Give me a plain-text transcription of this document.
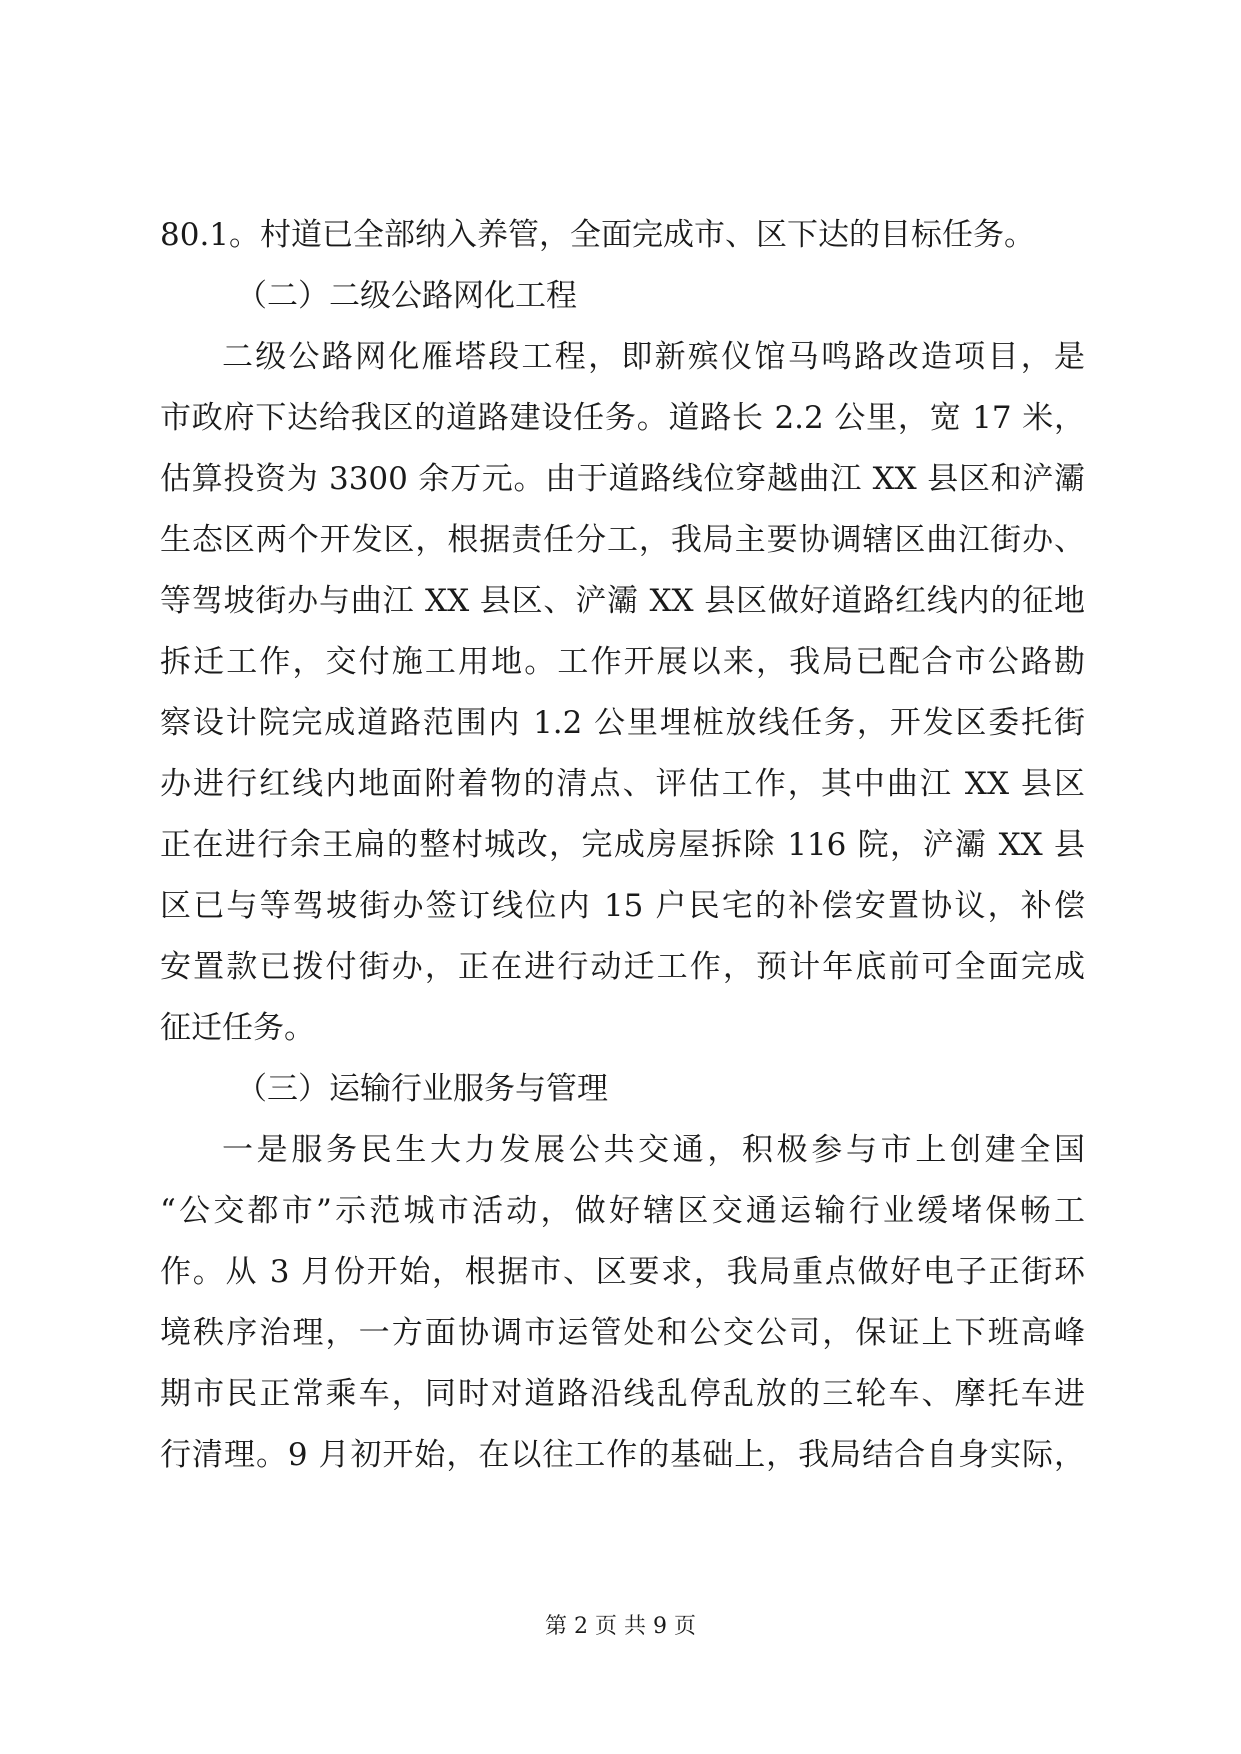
80.1。村道已全部纳入养管，全面完成市、区下达的目标任务。
（二）二级公路网化工程
二级公路网化雁塔段工程，即新殡仪馆马鸣路改造项目，是
市政府下达给我区的道路建设任务。道路长 2.2 公里，宽 17 米，
估算投资为 3300 余万元。由于道路线位穿越曲江 XX 县区和浐灞
生态区两个开发区，根据责任分工，我局主要协调辖区曲江街办、
等驾坡街办与曲江 XX 县区、浐灞 XX 县区做好道路红线内的征地
拆迁工作，交付施工用地。工作开展以来，我局已配合市公路勘
察设计院完成道路范围内 1.2 公里埋桩放线任务，开发区委托街
办进行红线内地面附着物的清点、评估工作，其中曲江 XX 县区
正在进行余王扁的整村城改，完成房屋拆除 116 院，浐灞 XX 县
区已与等驾坡街办签订线位内 15 户民宅的补偿安置协议，补偿
安置款已拨付街办，正在进行动迁工作，预计年底前可全面完成
征迁任务。
（三）运输行业服务与管理
一是服务民生大力发展公共交通，积极参与市上创建全国
“公交都市”示范城市活动，做好辖区交通运输行业缓堵保畅工
作。从 3 月份开始，根据市、区要求，我局重点做好电子正街环
境秩序治理，一方面协调市运管处和公交公司，保证上下班高峰
期市民正常乘车，同时对道路沿线乱停乱放的三轮车、摩托车进
行清理。9 月初开始，在以往工作的基础上，我局结合自身实际，
第 2 页 共 9 页
